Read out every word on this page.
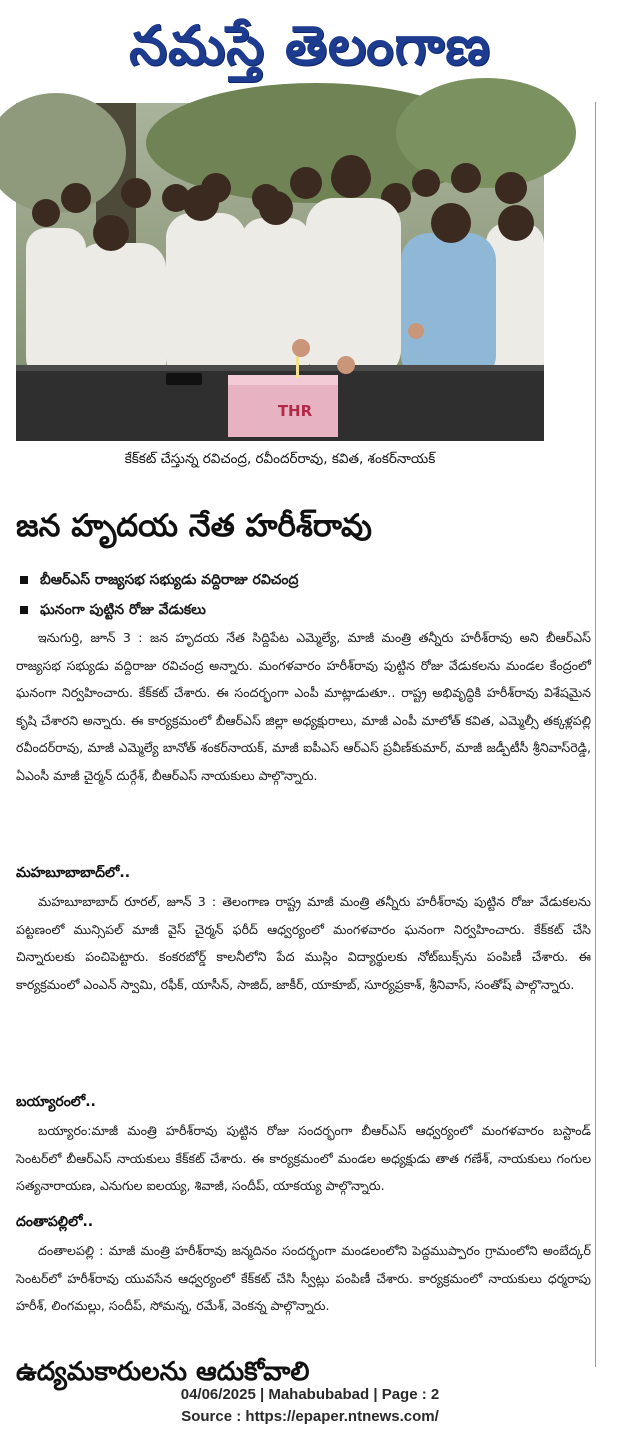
నమస్తే తెలంగాణ
THR
కేక్‌కట్ చేస్తున్న రవిచంద్ర, రవీందర్‌రావు, కవిత, శంకర్‌నాయక్
జన హృదయ నేత హరీశ్‌రావు
బీఆర్‌ఎస్ రాజ్యసభ సభ్యుడు వద్దిరాజు రవిచంద్ర
ఘనంగా పుట్టిన రోజు వేడుకలు

ఇనుగుర్తి, జూన్ 3 : జన హృదయ నేత సిద్దిపేట ఎమ్మెల్యే, మాజీ మంత్రి తన్నీరు హరీశ్‌రావు అని బీఆర్‌ఎస్ రాజ్యసభ సభ్యుడు వద్దిరాజు రవిచంద్ర అన్నారు. మంగళవారం హరీశ్‌రావు పుట్టిన రోజు వేడుకలను మండల కేంద్రంలో ఘనంగా నిర్వహించారు. కేక్‌కట్ చేశారు. ఈ సందర్భంగా ఎంపీ మాట్లాడుతూ.. రాష్ట్ర అభివృద్ధికి హరీశ్‌రావు విశేషమైన కృషి చేశారని అన్నారు. ఈ కార్యక్రమంలో బీఆర్‌ఎస్ జిల్లా అధ్యక్షురాలు, మాజీ ఎంపీ మాలోత్ కవిత, ఎమ్మెల్సీ తక్కళ్లపల్లి రవీందర్‌రావు, మాజీ ఎమ్మెల్యే బానోత్ శంకర్‌నాయక్, మాజీ ఐపీఎస్ ఆర్‌ఎస్ ప్రవీణ్‌కుమార్, మాజీ జడ్పీటీసీ శ్రీనివాస్‌రెడ్డి, ఏఎంసీ మాజీ చైర్మన్ దుర్గేశ్, బీఆర్‌ఎస్ నాయకులు పాల్గొన్నారు.

మహబూబాబాద్‌లో..

మహబూబాబాద్ రూరల్, జూన్ 3 : తెలంగాణ రాష్ట్ర మాజీ మంత్రి తన్నీరు హరీశ్‌రావు పుట్టిన రోజు వేడుకలను పట్టణంలో మున్సిపల్ మాజీ వైస్ చైర్మన్ ఫరీద్ ఆధ్వర్యంలో మంగళవారం ఘనంగా నిర్వహించారు. కేక్‌కట్ చేసి చిన్నారులకు పంచిపెట్టారు. కంకరబోర్డ్ కాలనీలోని పేద ముస్లిం విద్యార్థులకు నోట్‌బుక్స్‌ను పంపిణీ చేశారు. ఈ కార్యక్రమంలో ఎంఎన్ స్వామి, రఫీక్, యాసీన్, సాజిద్, జాకీర్, యాకూబ్, సూర్యప్రకాశ్, శ్రీనివాస్, సంతోష్ పాల్గొన్నారు.

బయ్యారంలో..

బయ్యారం:మాజీ మంత్రి హరీశ్‌రావు పుట్టిన రోజు సందర్భంగా బీఆర్‌ఎస్ ఆధ్వర్యంలో మంగళవారం బస్టాండ్ సెంటర్‌లో బీఆర్‌ఎస్ నాయకులు కేక్‌కట్ చేశారు. ఈ కార్యక్రమంలో మండల అధ్యక్షుడు తాత గణేశ్, నాయకులు గంగుల సత్యనారాయణ, ఎనుగుల ఐలయ్య, శివాజీ, సందీప్, యాకయ్య పాల్గొన్నారు.

దంతాపల్లిలో..

దంతాలపల్లి : మాజీ మంత్రి హరీశ్‌రావు జన్మదినం సందర్భంగా మండలంలోని పెద్దముప్పారం గ్రామంలోని అంబేద్కర్ సెంటర్‌లో హరీశ్‌రావు యువసేన ఆధ్వర్యంలో కేక్‌కట్ చేసి స్వీట్లు పంపిణీ చేశారు. కార్యక్రమంలో నాయకులు ధర్మరాపు హరీశ్, లింగమల్లు, సందీప్, సోమన్న, రమేశ్, వెంకన్న పాల్గొన్నారు.

ఉద్యమకారులను ఆదుకోవాలి
04/06/2025 | Mahabubabad | Page : 2
Source : https://epaper.ntnews.com/
